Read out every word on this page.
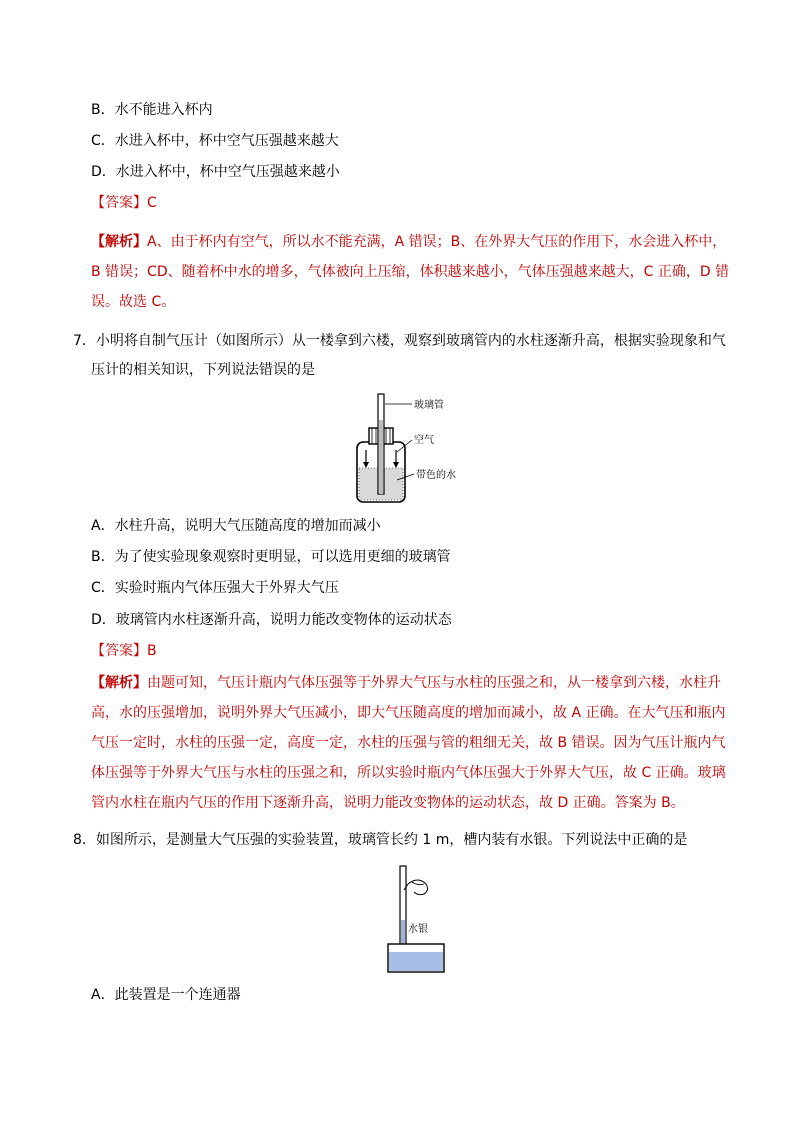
B．水不能进入杯内
C．水进入杯中，杯中空气压强越来越大
D．水进入杯中，杯中空气压强越来越小
【答案】C
【解析】A、由于杯内有空气，所以水不能充满，A 错误；B、在外界大气压的作用下，水会进入杯中，
B 错误；CD、随着杯中水的增多，气体被向上压缩，体积越来越小，气体压强越来越大，C 正确，D 错
误。故选 C。
7．小明将自制气压计（如图所示）从一楼拿到六楼，观察到玻璃管内的水柱逐渐升高，根据实验现象和气
压计的相关知识，下列说法错误的是
玻璃管
空气
带色的水
A．水柱升高，说明大气压随高度的增加而减小
B．为了使实验现象观察时更明显，可以选用更细的玻璃管
C．实验时瓶内气体压强大于外界大气压
D．玻璃管内水柱逐渐升高，说明力能改变物体的运动状态
【答案】B
【解析】由题可知，气压计瓶内气体压强等于外界大气压与水柱的压强之和，从一楼拿到六楼，水柱升
高，水的压强增加，说明外界大气压减小，即大气压随高度的增加而减小，故 A 正确。在大气压和瓶内
气压一定时，水柱的压强一定，高度一定，水柱的压强与管的粗细无关，故 B 错误。因为气压计瓶内气
体压强等于外界大气压与水柱的压强之和，所以实验时瓶内气体压强大于外界大气压，故 C 正确。玻璃
管内水柱在瓶内气压的作用下逐渐升高，说明力能改变物体的运动状态，故 D 正确。答案为 B。
8．如图所示，是测量大气压强的实验装置，玻璃管长约 1 m，槽内装有水银。下列说法中正确的是
水银
A．此装置是一个连通器
